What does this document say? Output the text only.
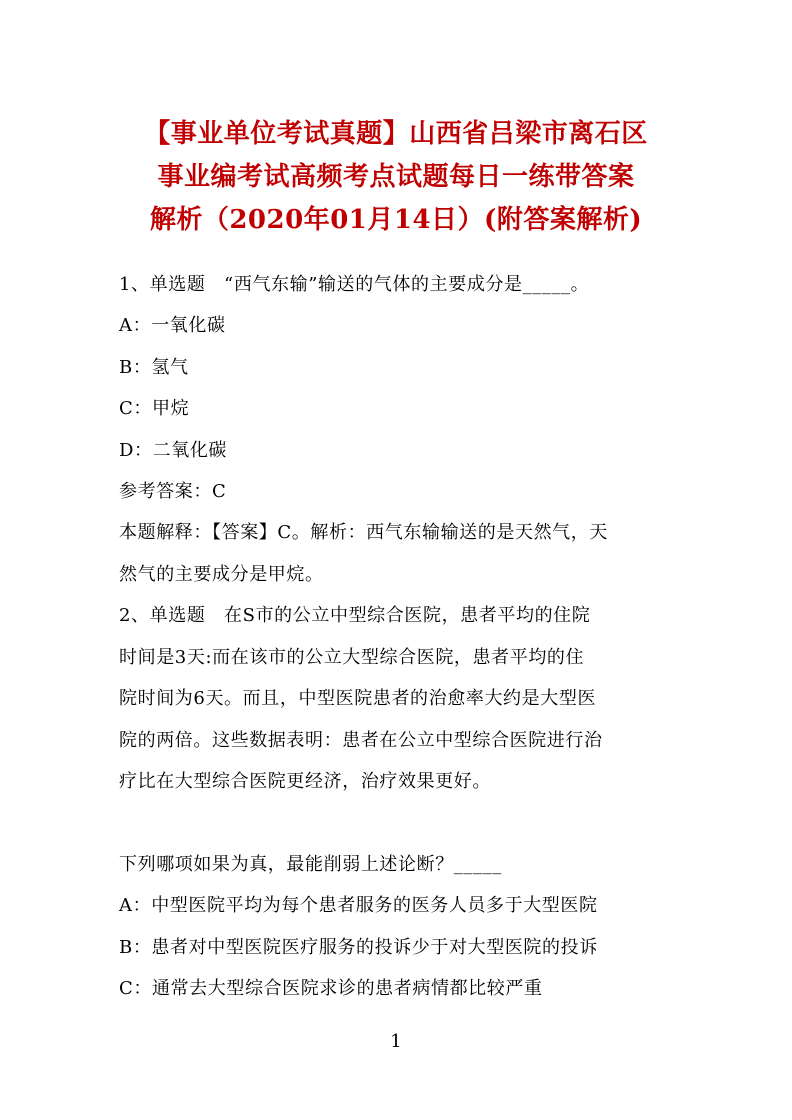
【事业单位考试真题】山西省吕梁市离石区
事业编考试高频考点试题每日一练带答案
解析（2020年01月14日）(附答案解析)
1、单选题　“西气东输”输送的气体的主要成分是_____。
A：一氧化碳
B：氢气
C：甲烷
D：二氧化碳
参考答案：C
本题解释：【答案】C。解析：西气东输输送的是天然气，天
然气的主要成分是甲烷。
2、单选题　在S市的公立中型综合医院，患者平均的住院
时间是3天:而在该市的公立大型综合医院，患者平均的住
院时间为6天。而且，中型医院患者的治愈率大约是大型医
院的两倍。这些数据表明：患者在公立中型综合医院进行治
疗比在大型综合医院更经济，治疗效果更好。
下列哪项如果为真，最能削弱上述论断？_____
A：中型医院平均为每个患者服务的医务人员多于大型医院
B：患者对中型医院医疗服务的投诉少于对大型医院的投诉
C：通常去大型综合医院求诊的患者病情都比较严重
1
